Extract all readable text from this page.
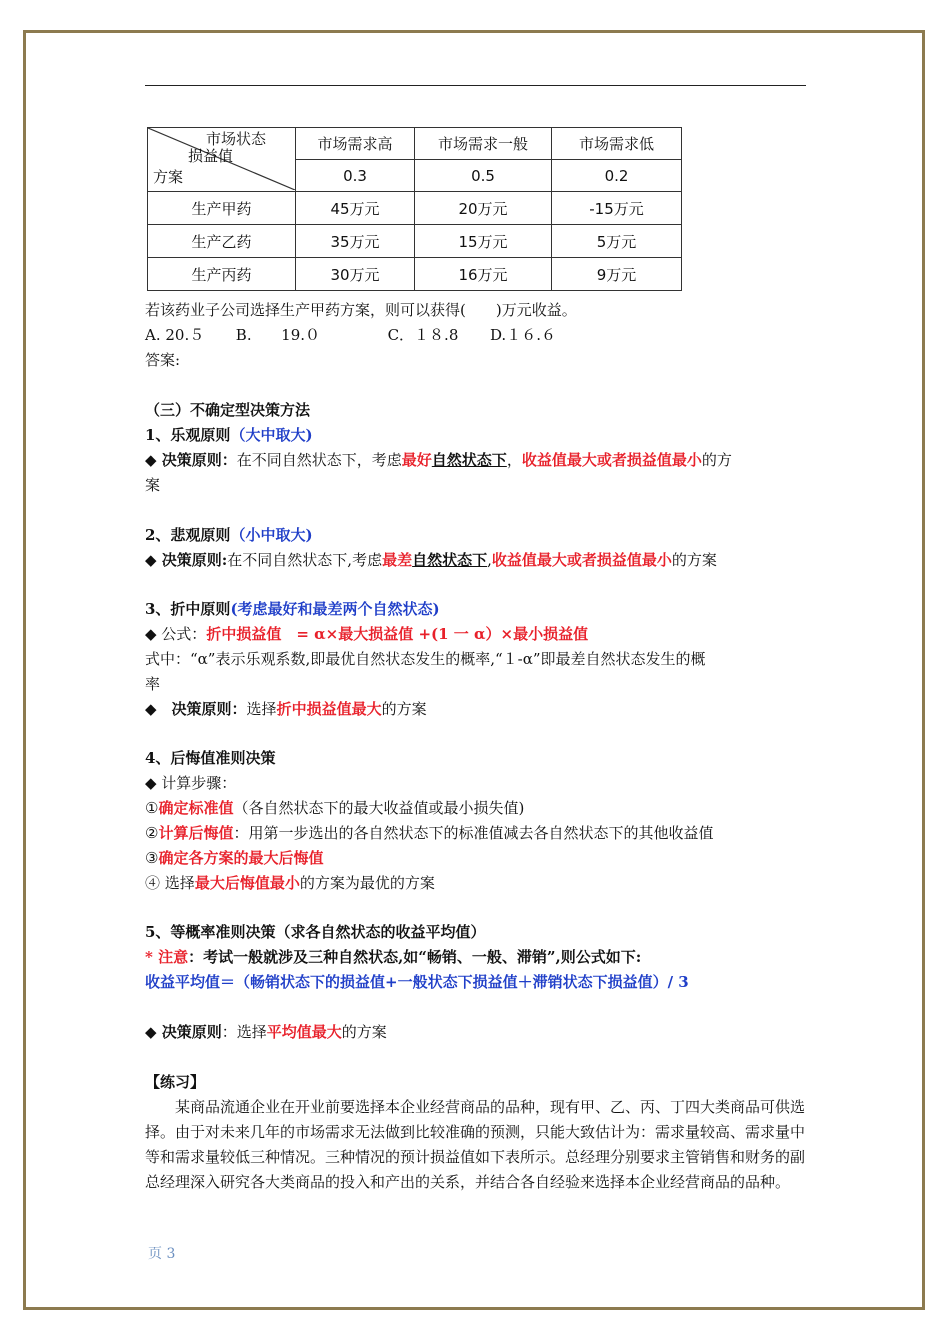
市场状态
损益值
方案	市场需求高	市场需求一般	市场需求低
	0.3	0.5	0.2
生产甲药	45万元	20万元	-15万元
生产乙药	35万元	15万元	5万元
生产丙药	30万元	16万元	9万元
若该药业子公司选择生产甲药方案，则可以获得(　　)万元收益。
A. 20.５ B. 19.０	C．１８.8 D.１６.６
答案:
（三）不确定型决策方法
1、乐观原则（大中取大)
◆ 决策原则：在不同自然状态下，考虑最好自然状态下，收益值最大或者损益值最小的方
案
2、悲观原则（小中取大)
◆ 决策原则:在不同自然状态下,考虑最差自然状态下,收益值最大或者损益值最小的方案
3、折中原则(考虑最好和最差两个自然状态)
◆ 公式：折中损益值　= α×最大损益值 +(1 一 α）×最小损益值
式中：“α”表示乐观系数,即最优自然状态发生的概率,“１-α”即最差自然状态发生的概
率
◆　决策原则：选择折中损益值最大的方案
4、后悔值准则决策
◆ 计算步骤：
①确定标准值（各自然状态下的最大收益值或最小损失值)
②计算后悔值：用第一步选出的各自然状态下的标准值减去各自然状态下的其他收益值
③确定各方案的最大后悔值
④ 选择最大后悔值最小的方案为最优的方案
5、等概率准则决策（求各自然状态的收益平均值）
* 注意：考试一般就涉及三种自然状态,如“畅销、一般、滞销”,则公式如下:
收益平均值＝（畅销状态下的损益值+一般状态下损益值＋滞销状态下损益值）/ 3
◆ 决策原则：选择平均值最大的方案
【练习】
　　某商品流通企业在开业前要选择本企业经营商品的品种，现有甲、乙、丙、丁四大类商品可供选择。由于对未来几年的市场需求无法做到比较准确的预测，只能大致估计为：需求量较高、需求量中等和需求量较低三种情况。三种情况的预计损益值如下表所示。总经理分别要求主管销售和财务的副总经理深入研究各大类商品的投入和产出的关系，并结合各自经验来选择本企业经营商品的品种。
页 3
